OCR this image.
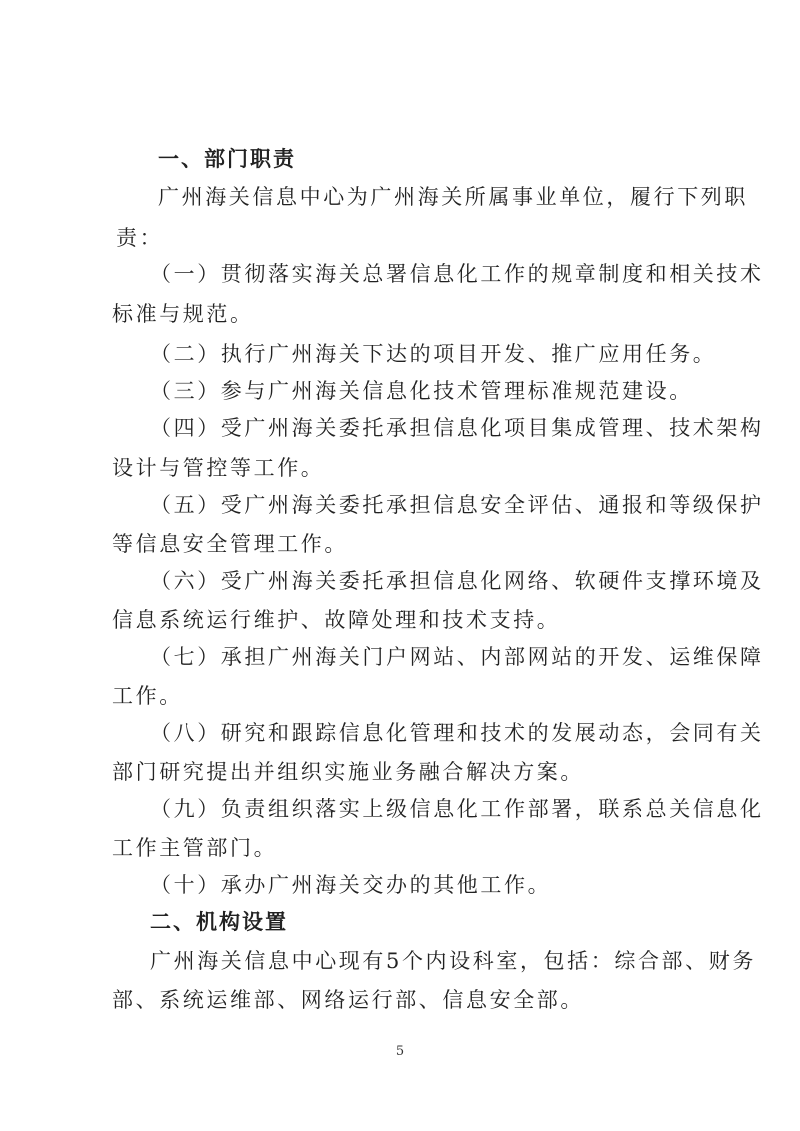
一、部门职责
广州海关信息中心为广州海关所属事业单位，履行下列职
责：
（一）贯彻落实海关总署信息化工作的规章制度和相关技术
标准与规范。
（二）执行广州海关下达的项目开发、推广应用任务。
（三）参与广州海关信息化技术管理标准规范建设。
（四）受广州海关委托承担信息化项目集成管理、技术架构
设计与管控等工作。
（五）受广州海关委托承担信息安全评估、通报和等级保护
等信息安全管理工作。
（六）受广州海关委托承担信息化网络、软硬件支撑环境及
信息系统运行维护、故障处理和技术支持。
（七）承担广州海关门户网站、内部网站的开发、运维保障
工作。
（八）研究和跟踪信息化管理和技术的发展动态，会同有关
部门研究提出并组织实施业务融合解决方案。
（九）负责组织落实上级信息化工作部署，联系总关信息化
工作主管部门。
（十）承办广州海关交办的其他工作。
二、机构设置
广州海关信息中心现有5个内设科室，包括：综合部、财务
部、系统运维部、网络运行部、信息安全部。
5
